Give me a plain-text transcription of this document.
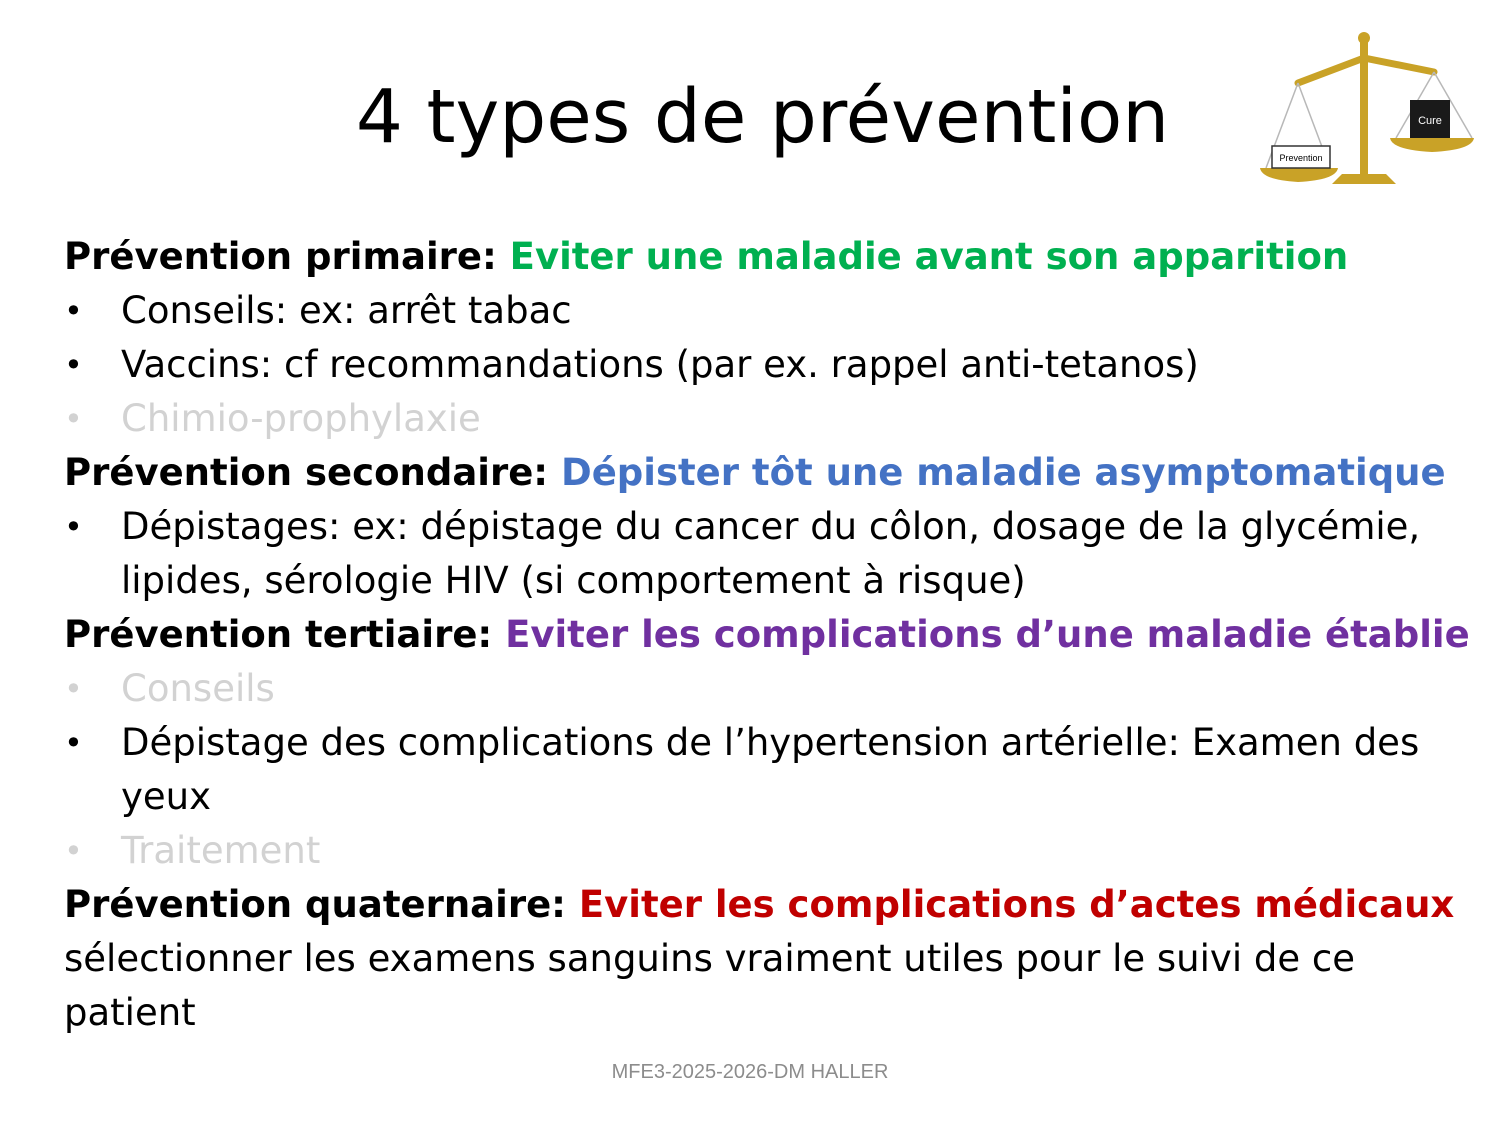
4 types de prévention	Prevention
Cure

Prévention primaire: Eviter une maladie avant son apparition

• Conseils: ex: arrêt tabac

• Vaccins: cf recommandations (par ex. rappel anti-tetanos)

• Chimio-prophylaxie

Prévention secondaire: Dépister tôt une maladie asymptomatique

• Dépistages: ex: dépistage du cancer du côlon, dosage de la glycémie, lipides, sérologie HIV (si comportement à risque)

Prévention tertiaire: Eviter les complications d’une maladie établie

• Conseils

• Dépistage des complications de l’hypertension artérielle: Examen des yeux

• Traitement

Prévention quaternaire: Eviter les complications d’actes médicaux

sélectionner les examens sanguins vraiment utiles pour le suivi de ce patient

MFE3-2025-2026-DM HALLER
